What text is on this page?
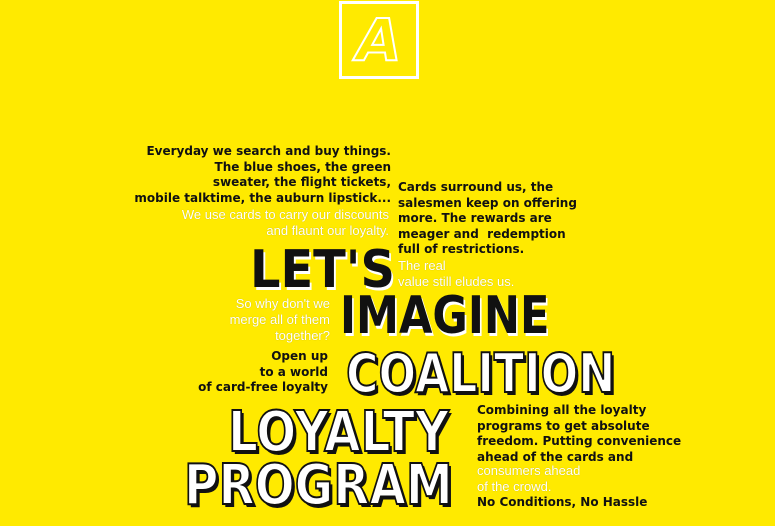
A
Everyday we search and buy things.
The blue shoes, the green
sweater, the flight tickets,
mobile talktime, the auburn lipstick...
We use cards to carry our discounts
and flaunt our loyalty.
Cards surround us, the
salesmen keep on offering
more. The rewards are
meager and  redemption
full of restrictions.
The real
value still eludes us.
LET'S
IMAGINE
So why don't we
merge all of them
together?
Open up
to a world
of card-free loyalty COALITION
LOYALTY
PROGRAM
Combining all the loyalty
programs to get absolute
freedom. Putting convenience
ahead of the cards and
consumers ahead
of the crowd.
No Conditions, No Hassle
